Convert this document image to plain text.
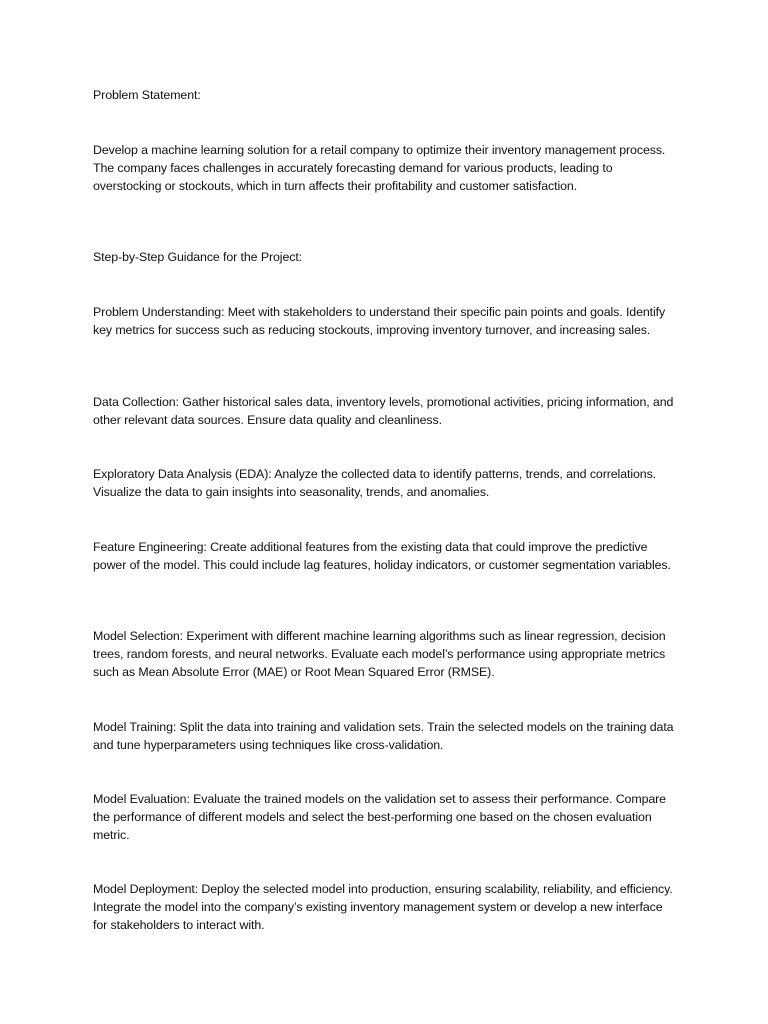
Problem Statement:

Develop a machine learning solution for a retail company to optimize their inventory management process. The company faces challenges in accurately forecasting demand for various products, leading to overstocking or stockouts, which in turn affects their profitability and customer satisfaction.

Step-by-Step Guidance for the Project:

Problem Understanding: Meet with stakeholders to understand their specific pain points and goals. Identify key metrics for success such as reducing stockouts, improving inventory turnover, and increasing sales.

Data Collection: Gather historical sales data, inventory levels, promotional activities, pricing information, and other relevant data sources. Ensure data quality and cleanliness.

Exploratory Data Analysis (EDA): Analyze the collected data to identify patterns, trends, and correlations. Visualize the data to gain insights into seasonality, trends, and anomalies.

Feature Engineering: Create additional features from the existing data that could improve the predictive power of the model. This could include lag features, holiday indicators, or customer segmentation variables.

Model Selection: Experiment with different machine learning algorithms such as linear regression, decision trees, random forests, and neural networks. Evaluate each model’s performance using appropriate metrics such as Mean Absolute Error (MAE) or Root Mean Squared Error (RMSE).

Model Training: Split the data into training and validation sets. Train the selected models on the training data and tune hyperparameters using techniques like cross-validation.

Model Evaluation: Evaluate the trained models on the validation set to assess their performance. Compare the performance of different models and select the best-performing one based on the chosen evaluation metric.

Model Deployment: Deploy the selected model into production, ensuring scalability, reliability, and efficiency. Integrate the model into the company’s existing inventory management system or develop a new interface for stakeholders to interact with.
